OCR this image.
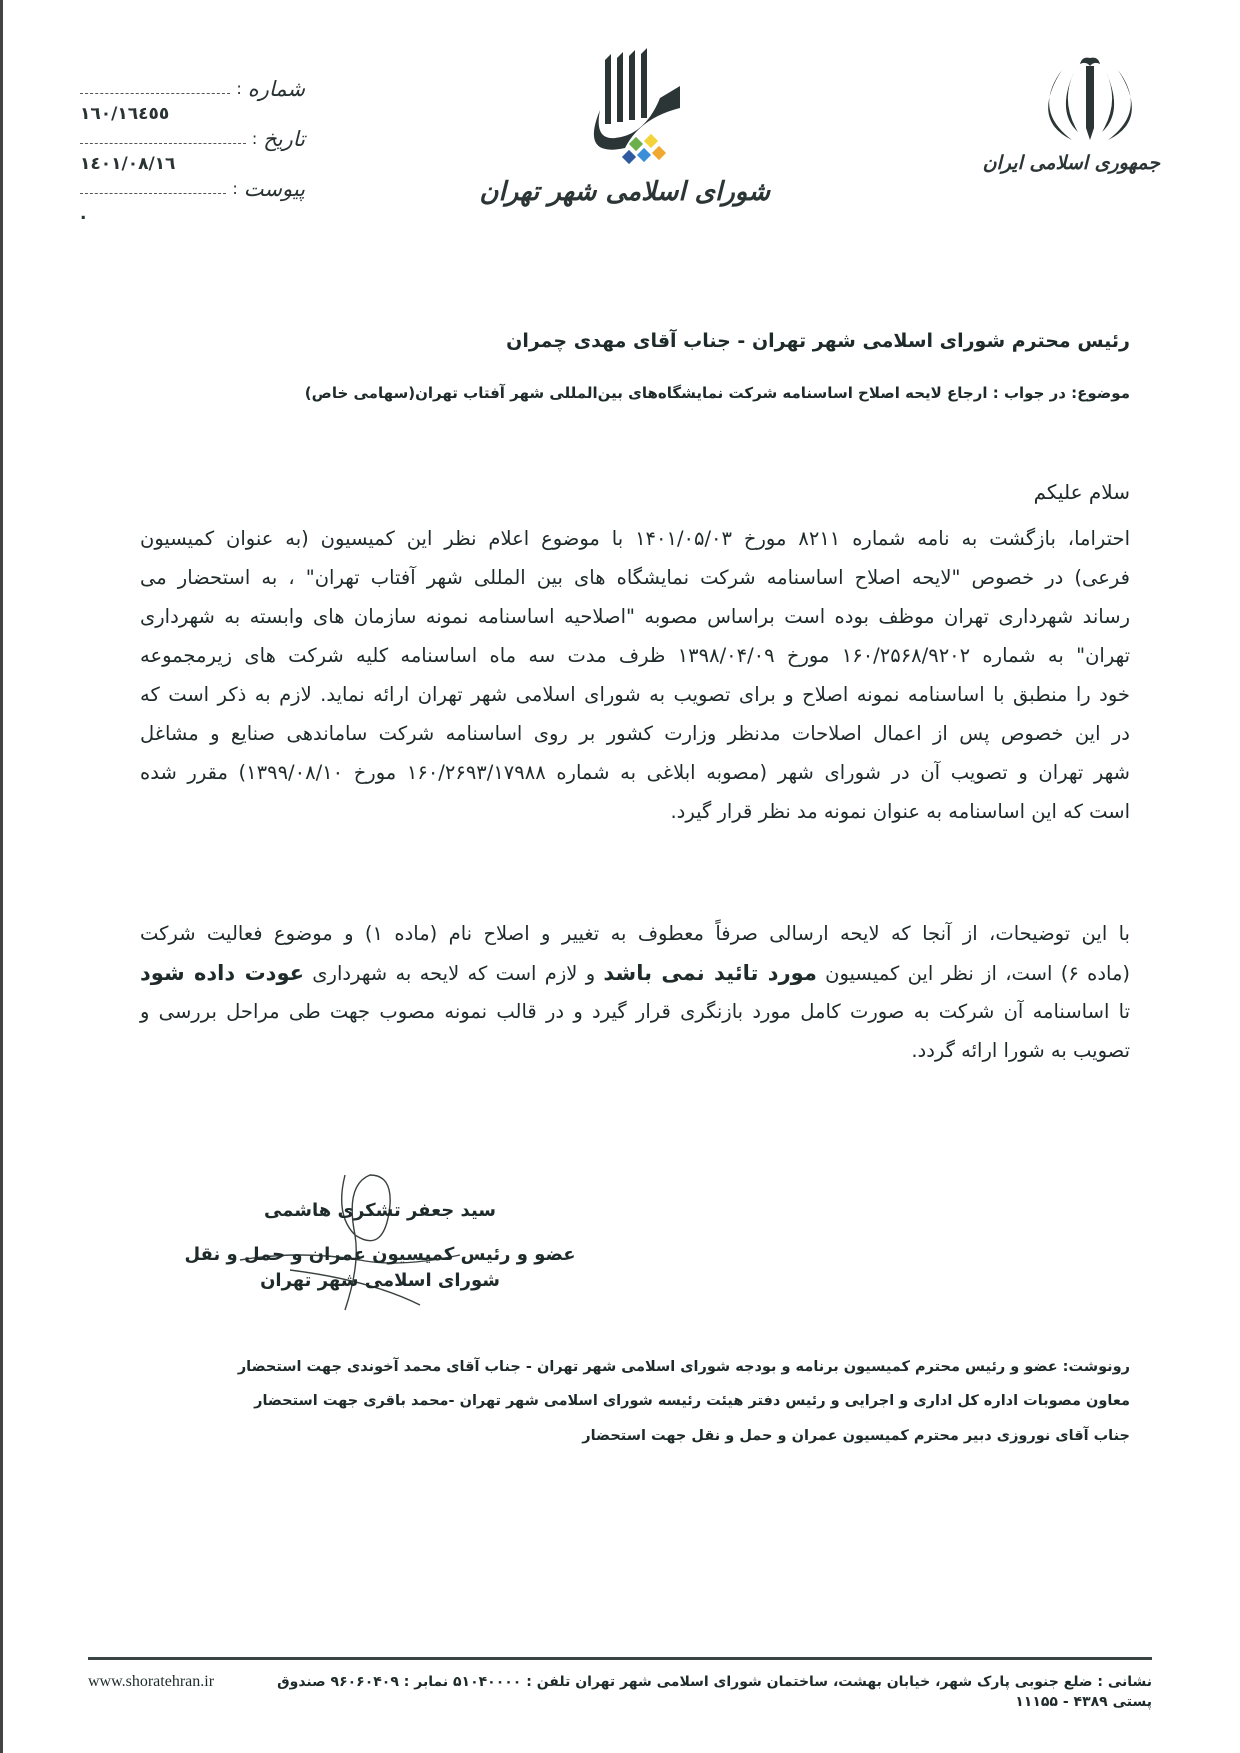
جمهوری اسلامی ایران
شورای اسلامی شهر تهران
: شماره
١٦٠/١٦٤٥٥
: تاریخ
١٤٠١/٠٨/١٦
: پیوست
.
رئیس محترم شورای اسلامی شهر تهران - جناب آقای مهدی چمران
موضوع: در جواب : ارجاع لایحه اصلاح اساسنامه شرکت نمایشگاه‌های بین‌المللی شهر آفتاب تهران(سهامی خاص)
سلام علیکم
احتراما، بازگشت به نامه شماره ۸۲۱۱ مورخ ۱۴۰۱/۰۵/۰۳ با موضوع اعلام نظر این کمیسیون (به عنوان کمیسیون
فرعی) در خصوص "لایحه اصلاح اساسنامه شرکت نمایشگاه های بین المللی شهر آفتاب تهران" ، به استحضار می
رساند شهرداری تهران موظف بوده است براساس مصوبه "اصلاحیه اساسنامه نمونه سازمان های وابسته به شهرداری
تهران" به شماره ۱۶۰/۲۵۶۸/۹۲۰۲ مورخ ۱۳۹۸/۰۴/۰۹ ظرف مدت سه ماه اساسنامه کلیه شرکت های زیرمجموعه
خود را منطبق با اساسنامه نمونه اصلاح و برای تصویب به شورای اسلامی شهر تهران ارائه نماید. لازم به ذکر است که
در این خصوص پس از اعمال اصلاحات مدنظر وزارت کشور بر روی اساسنامه شرکت ساماندهی صنایع و مشاغل
شهر تهران و تصویب آن در شورای شهر (مصوبه ابلاغی به شماره ۱۶۰/۲۶۹۳/۱۷۹۸۸ مورخ ۱۳۹۹/۰۸/۱۰) مقرر شده
است که این اساسنامه به عنوان نمونه مد نظر قرار گیرد.
با این توضیحات، از آنجا که لایحه ارسالی صرفاً معطوف به تغییر و اصلاح نام (ماده ۱) و موضوع فعالیت شرکت
(ماده ۶) است، از نظر این کمیسیون مورد تائید نمی باشد و لازم است که لایحه به شهرداری عودت داده شود
تا اساسنامه آن شرکت به صورت کامل مورد بازنگری قرار گیرد و در قالب نمونه مصوب جهت طی مراحل بررسی و
تصویب به شورا ارائه گردد.
سید جعفر تشکری هاشمی
عضو و رئیس کمیسیون عمران و حمل و نقل
شورای اسلامی شهر تهران
رونوشت: عضو و رئیس محترم کمیسیون برنامه و بودجه شورای اسلامی شهر تهران - جناب آقای محمد آخوندی جهت استحضار
معاون مصوبات اداره کل اداری و اجرایی و رئیس دفتر هیئت رئیسه شورای اسلامی شهر تهران -محمد باقری جهت استحضار
جناب آقای نوروزی دبیر محترم کمیسیون عمران و حمل و نقل جهت استحضار
نشانی : ضلع جنوبی پارک شهر، خیابان بهشت، ساختمان شورای اسلامی شهر تهران تلفن : ۵۱۰۴۰۰۰۰ نمابر : ۹۶۰۶۰۴۰۹ صندوق پستی ۴۳۸۹ - ۱۱۱۵۵
www.shoratehran.ir
